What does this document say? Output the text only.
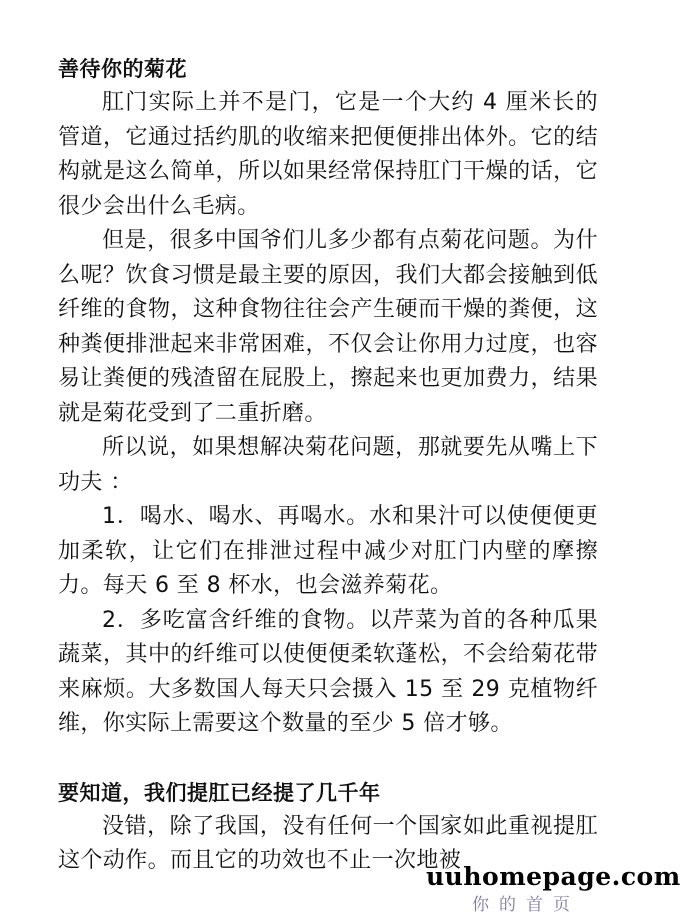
善待你的菊花

肛门实际上并不是门，它是一个大约 4 厘米长的管道，它通过括约肌的收缩来把便便排出体外。它的结构就是这么简单，所以如果经常保持肛门干燥的话，它很少会出什么毛病。

但是，很多中国爷们儿多少都有点菊花问题。为什么呢？饮食习惯是最主要的原因，我们大都会接触到低纤维的食物，这种食物往往会产生硬而干燥的粪便，这种粪便排泄起来非常困难，不仅会让你用力过度，也容易让粪便的残渣留在屁股上，擦起来也更加费力，结果就是菊花受到了二重折磨。

所以说，如果想解决菊花问题，那就要先从嘴上下功夫 ：

1．喝水、喝水、再喝水。水和果汁可以使便便更加柔软，让它们在排泄过程中减少对肛门内壁的摩擦力。每天 6 至 8 杯水，也会滋养菊花。

2．多吃富含纤维的食物。以芹菜为首的各种瓜果蔬菜，其中的纤维可以使便便柔软蓬松，不会给菊花带来麻烦。大多数国人每天只会摄入 15 至 29 克植物纤维，你实际上需要这个数量的至少 5 倍才够。

要知道，我们提肛已经提了几千年

没错，除了我国，没有任何一个国家如此重视提肛这个动作。而且它的功效也不止一次地被

uuhomepage.com
你的首页
